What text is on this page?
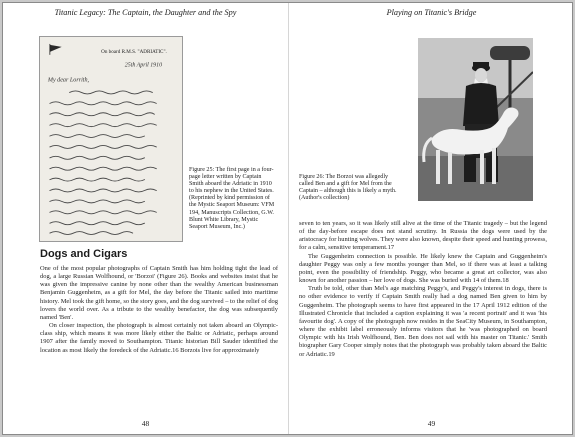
Titanic Legacy: The Captain, the Daughter and the Spy
On board R.M.S. "ADRIATIC".
25th April 1910
My dear Lorrith,
Figure 25: The first page in a four-page letter written by Captain Smith aboard the Adriatic in 1910 to his nephew in the United States. (Reprinted by kind permission of the Mystic Seaport Museum: VFM 194, Manuscripts Collection, G.W. Blunt White Library, Mystic Seaport Museum, Inc.)
Dogs and Cigars

One of the most popular photographs of Captain Smith has him holding tight the lead of dog, a large Russian Wolfhound, or 'Borzoi' (Figure 26). Books and websites insist that he was given the impressive canine by none other than the wealthy American businessman Benjamin Guggenheim, as a gift for Mel, the day before the Titanic sailed into maritime history. Mel took the gift home, so the story goes, and the dog survived – to the relief of dog lovers the world over. As a tribute to the wealthy benefactor, the dog was subsequently named 'Ben'.

On closer inspection, the photograph is almost certainly not taken aboard an Olympic-class ship, which means it was more likely either the Baltic or Adriatic, perhaps around 1907 after the family moved to Southampton. Titanic historian Bill Sauder identified the location as most likely the foredeck of the Adriatic.16 Borzois live for approximately

48
Playing on Titanic's Bridge
Figure 26: The Borzoi was allegedly called Ben and a gift for Mel from the Captain – although this is likely a myth. (Author's collection)

seven to ten years, so it was likely still alive at the time of the Titanic tragedy – but the legend of the day-before escape does not stand scrutiny. In Russia the dogs were used by the aristocracy for hunting wolves. They were also known, despite their speed and hunting prowess, for a calm, sensitive temperament.17

The Guggenheim connection is possible. He likely knew the Captain and Guggenheim's daughter Peggy was only a few months younger than Mel, so if there was at least a talking point, even the possibility of friendship. Peggy, who became a great art collector, was also known for another passion – her love of dogs. She was buried with 14 of them.18

Truth be told, other than Mel's age matching Peggy's, and Peggy's interest in dogs, there is no other evidence to verify if Captain Smith really had a dog named Ben given to him by Guggenheim. The photograph seems to have first appeared in the 17 April 1912 edition of the Illustrated Chronicle that included a caption explaining it was 'a recent portrait' and it was 'his favourite dog'. A copy of the photograph now resides in the SeaCity Museum, in Southampton, where the exhibit label erroneously informs visitors that he 'was photographed on board Olympic with his Irish Wolfhound, Ben. Ben does not sail with his master on Titanic.' Smith biographer Gary Cooper simply notes that the photograph was probably taken aboard the Baltic or Adriatic.19

49
